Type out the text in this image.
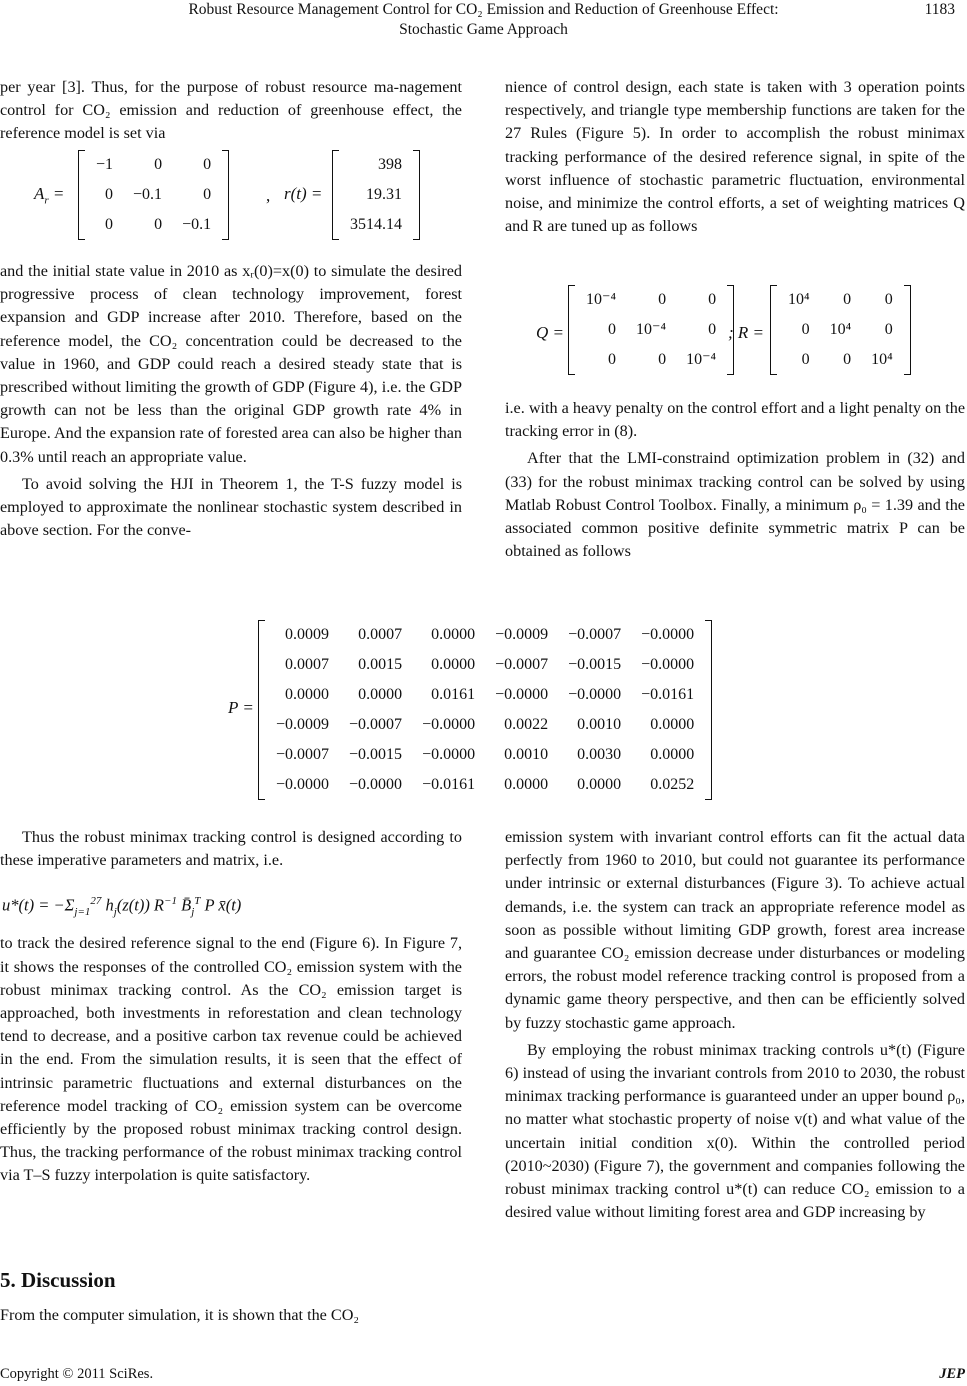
Robust Resource Management Control for CO₂ Emission and Reduction of Greenhouse Effect:
Stochastic Game Approach
1183

per year [3]. Thus, for the purpose of robust resource ma-nagement control for CO₂ emission and reduction of greenhouse effect, the reference model is set via

$A_r$ =
−1	0	0
0	−0.1	0
0	0	−0.1
, r(t) =
398
19.31
3514.14

and the initial state value in 2010 as xᵣ(0)=x(0) to simulate the desired progressive process of clean technology improvement, forest expansion and GDP increase after 2010. Therefore, based on the reference model, the CO₂ concentration could be decreased to the value in 1960, and GDP could reach a desired steady state that is prescribed without limiting the growth of GDP (Figure 4), i.e. the GDP growth can not be less than the original GDP growth rate 4% in Europe. And the expansion rate of forested area can also be higher than 0.3% until reach an appropriate value.

To avoid solving the HJI in Theorem 1, the T-S fuzzy model is employed to approximate the nonlinear stochastic system described in above section. For the conve-

nience of control design, each state is taken with 3 operation points respectively, and triangle type membership functions are taken for the 27 Rules (Figure 5). In order to accomplish the robust minimax tracking performance of the desired reference signal, in spite of the worst influence of stochastic parametric fluctuation, environmental noise, and minimize the control efforts, a set of weighting matrices Q and R are tuned up as follows

Q =
10⁻⁴	0	0
0	10⁻⁴	0
0	0	10⁻⁴
; R =
10⁴	0	0
0	10⁴	0
0	0	10⁴

i.e. with a heavy penalty on the control effort and a light penalty on the tracking error in (8).

After that the LMI-constraind optimization problem in (32) and (33) for the robust minimax tracking control can be solved by using Matlab Robust Control Toolbox. Finally, a minimum ρ₀ = 1.39 and the associated common positive definite symmetric matrix P can be obtained as follows

P =
0.0009	0.0007	0.0000	−0.0009	−0.0007	−0.0000
0.0007	0.0015	0.0000	−0.0007	−0.0015	−0.0000
0.0000	0.0000	0.0161	−0.0000	−0.0000	−0.0161
−0.0009	−0.0007	−0.0000	0.0022	0.0010	0.0000
−0.0007	−0.0015	−0.0000	0.0010	0.0030	0.0000
−0.0000	−0.0000	−0.0161	0.0000	0.0000	0.0252

Thus the robust minimax tracking control is designed according to these imperative parameters and matrix, i.e.

$u*(t) = -\Sigma_{j=1}^{27}$ $h_j(z(t))$ $R^{-1}$ $B̄_j^T$ P x̄(t)

to track the desired reference signal to the end (Figure 6). In Figure 7, it shows the responses of the controlled CO₂ emission system with the robust minimax tracking control. As the CO₂ emission target is approached, both investments in reforestation and clean technology tend to decrease, and a positive carbon tax revenue could be achieved in the end. From the simulation results, it is seen that the effect of intrinsic parametric fluctuations and external disturbances on the reference model tracking of CO₂ emission system can be overcome efficiently by the proposed robust minimax tracking control design. Thus, the tracking performance of the robust minimax tracking control via T–S fuzzy interpolation is quite satisfactory.

5. Discussion

From the computer simulation, it is shown that the CO₂

emission system with invariant control efforts can fit the actual data perfectly from 1960 to 2010, but could not guarantee its performance under intrinsic or external disturbances (Figure 3). To achieve actual demands, i.e. the system can track an appropriate reference model as soon as possible without limiting GDP growth, forest area increase and guarantee CO₂ emission decrease under disturbances or modeling errors, the robust model reference tracking control is proposed from a dynamic game theory perspective, and then can be efficiently solved by fuzzy stochastic game approach.

By employing the robust minimax tracking controls u*(t) (Figure 6) instead of using the invariant controls from 2010 to 2030, the robust minimax tracking performance is guaranteed under an upper bound ρ₀, no matter what stochastic property of noise v(t) and what value of the uncertain initial condition x(0). Within the controlled period (2010~2030) (Figure 7), the government and companies following the robust minimax tracking control u*(t) can reduce CO₂ emission to a desired value without limiting forest area and GDP increasing by

Copyright © 2011 SciRes.	JEP
